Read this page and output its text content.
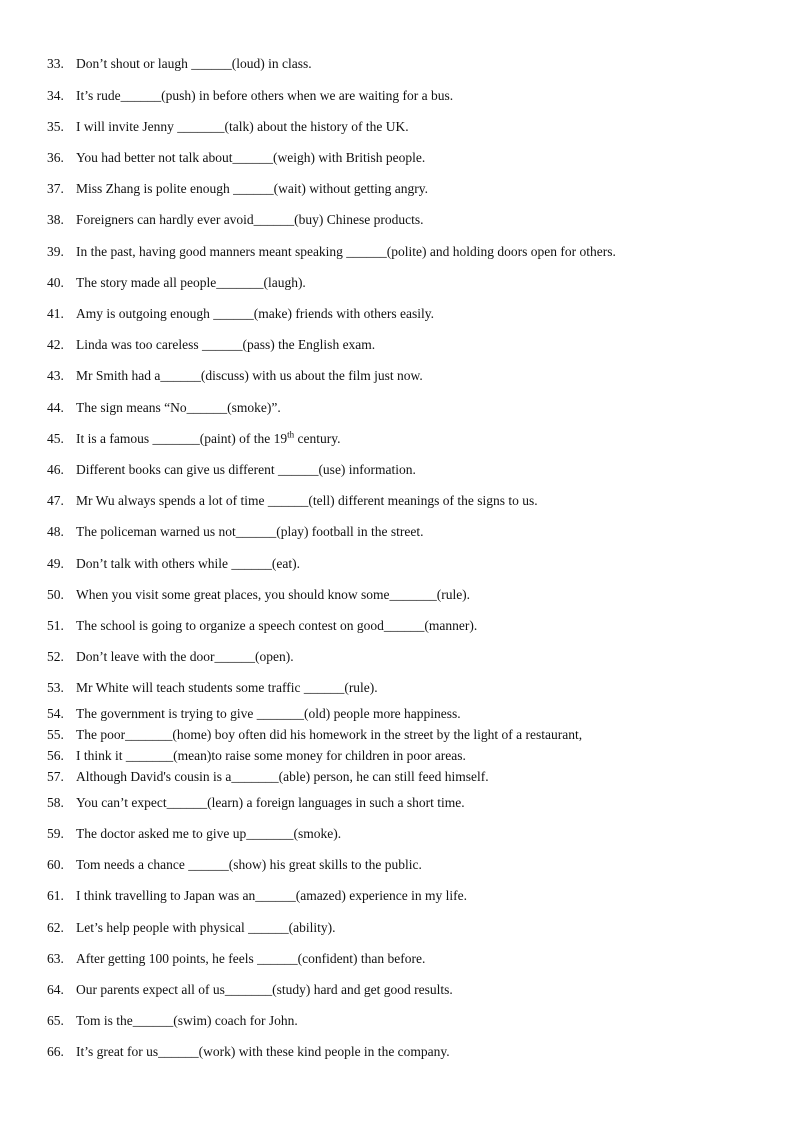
33. Don’t shout or laugh ______(loud) in class.
34. It’s rude______(push) in before others when we are waiting for a bus.
35. I will invite Jenny _______(talk) about the history of the UK.
36. You had better not talk about______(weigh) with British people.
37. Miss Zhang is polite enough ______(wait) without getting angry.
38. Foreigners can hardly ever avoid______(buy) Chinese products.
39. In the past, having good manners meant speaking ______(polite) and holding doors open for others.
40. The story made all people_______(laugh).
41. Amy is outgoing enough ______(make) friends with others easily.
42. Linda was too careless ______(pass) the English exam.
43. Mr Smith had a______(discuss) with us about the film just now.
44. The sign means “No______(smoke)”.
45. It is a famous _______(paint) of the 19th century.
46. Different books can give us different ______(use) information.
47. Mr Wu always spends a lot of time ______(tell) different meanings of the signs to us.
48. The policeman warned us not______(play) football in the street.
49. Don’t talk with others while ______(eat).
50. When you visit some great places, you should know some_______(rule).
51. The school is going to organize a speech contest on good______(manner).
52. Don’t leave with the door______(open).
53. Mr White will teach students some traffic ______(rule).
54. The government is trying to give _______(old) people more happiness.
55. The poor_______(home) boy often did his homework in the street by the light of a restaurant,
56. I think it _______(mean)to raise some money for children in poor areas.
57. Although David's cousin is a_______(able) person, he can still feed himself.
58. You can’t expect______(learn) a foreign languages in such a short time.
59. The doctor asked me to give up_______(smoke).
60. Tom needs a chance ______(show) his great skills to the public.
61. I think travelling to Japan was an______(amazed) experience in my life.
62. Let’s help people with physical ______(ability).
63. After getting 100 points, he feels ______(confident) than before.
64. Our parents expect all of us_______(study) hard and get good results.
65. Tom is the______(swim) coach for John.
66. It’s great for us______(work) with these kind people in the company.
